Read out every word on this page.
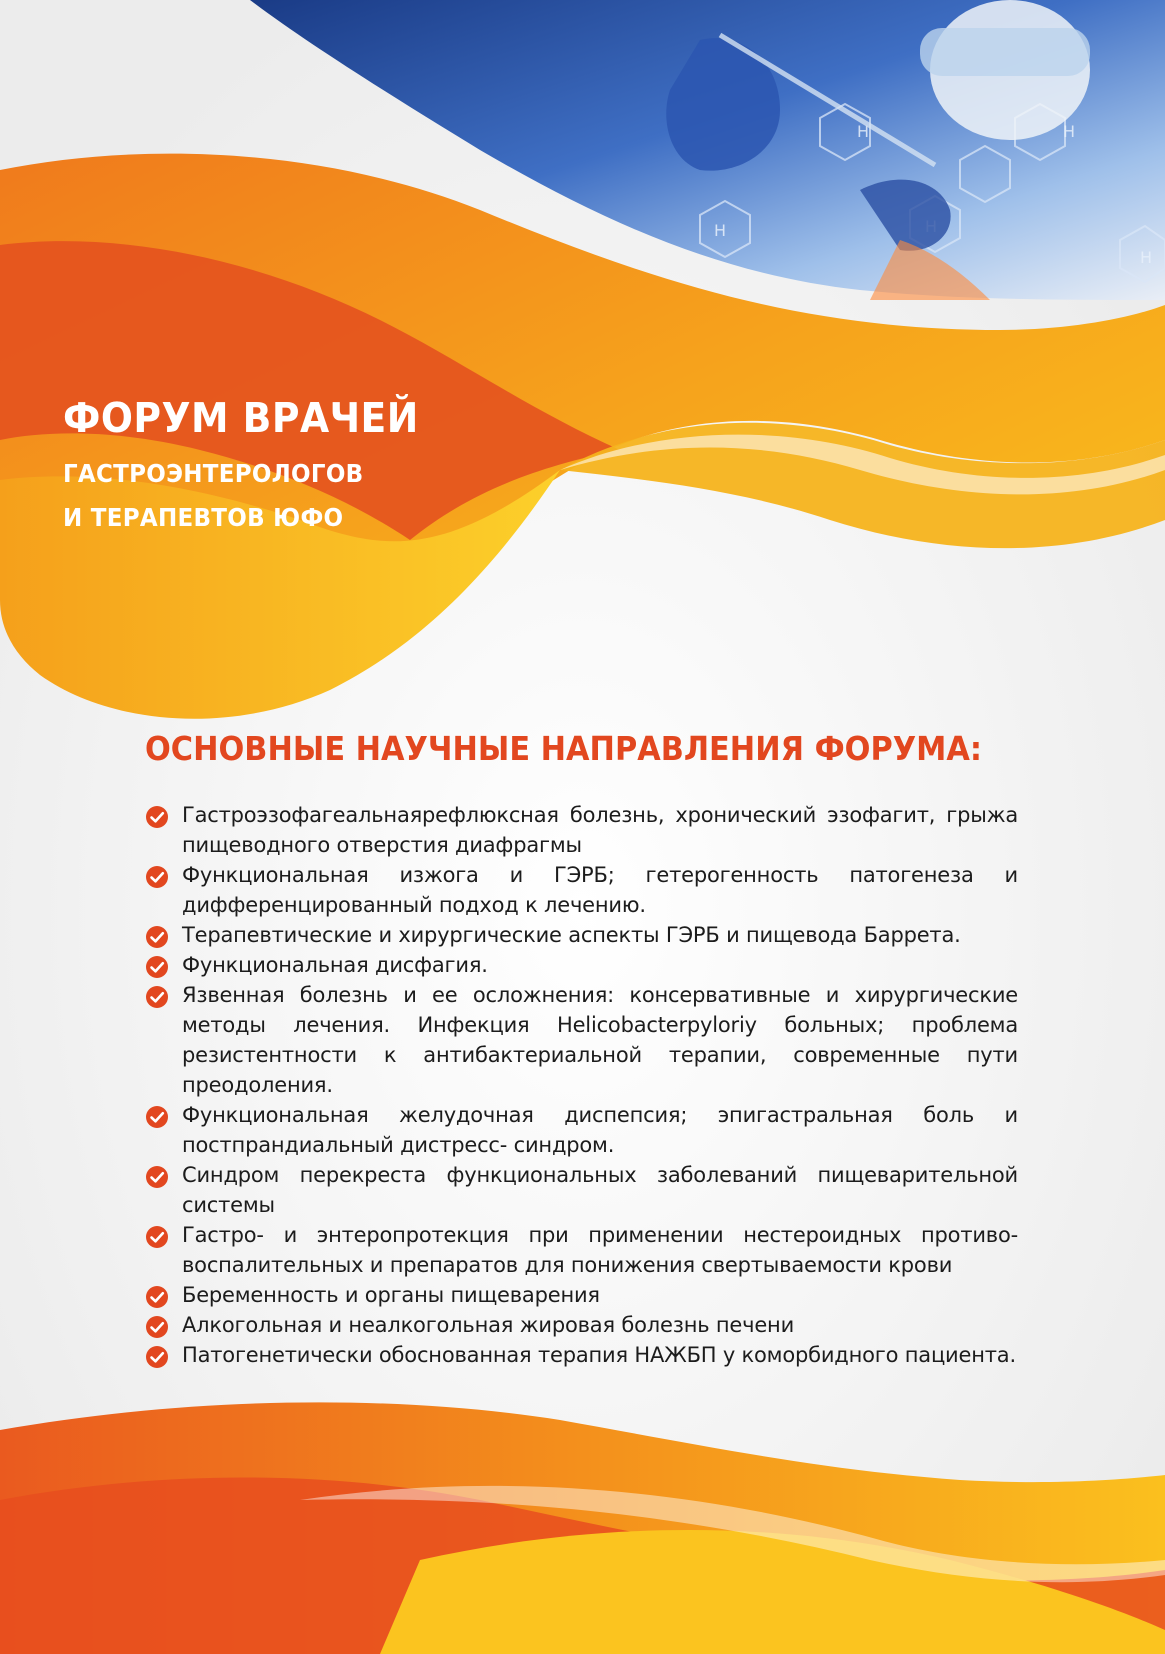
H	H
H
H
ФОРУМ ВРАЧЕЙ

ГАСТРОЭНТЕРОЛОГОВ

И ТЕРАПЕВТОВ ЮФО

ОСНОВНЫЕ НАУЧНЫЕ НАПРАВЛЕНИЯ ФОРУМА:
Гастроэзофагеальнаярефлюксная болезнь, хронический эзофагит, грыжа пищеводного отверстия диафрагмы
Функциональная изжога и ГЭРБ; гетерогенность патогенеза и дифференцированный подход к лечению.
Терапевтические и хирургические аспекты ГЭРБ и пищевода Баррета.
Функциональная дисфагия.
Язвенная болезнь и ее осложнения: консервативные и хирургические методы лечения. Инфекция Helicobacterpyloriy больных; проблема резистентности к антибактериальной терапии, современные пути преодоления.
Функциональная желудочная диспепсия; эпигастральная боль и постпрандиальный дистресс- синдром.
Синдром перекреста функциональных заболеваний пищеварительной системы
Гастро- и энтеропротекция при применении нестероидных противо-воспалительных и препаратов для понижения свертываемости крови
Беременность и органы пищеварения
Алкогольная и неалкогольная жировая болезнь печени
Патогенетически обоснованная терапия НАЖБП у коморбидного пациента.
